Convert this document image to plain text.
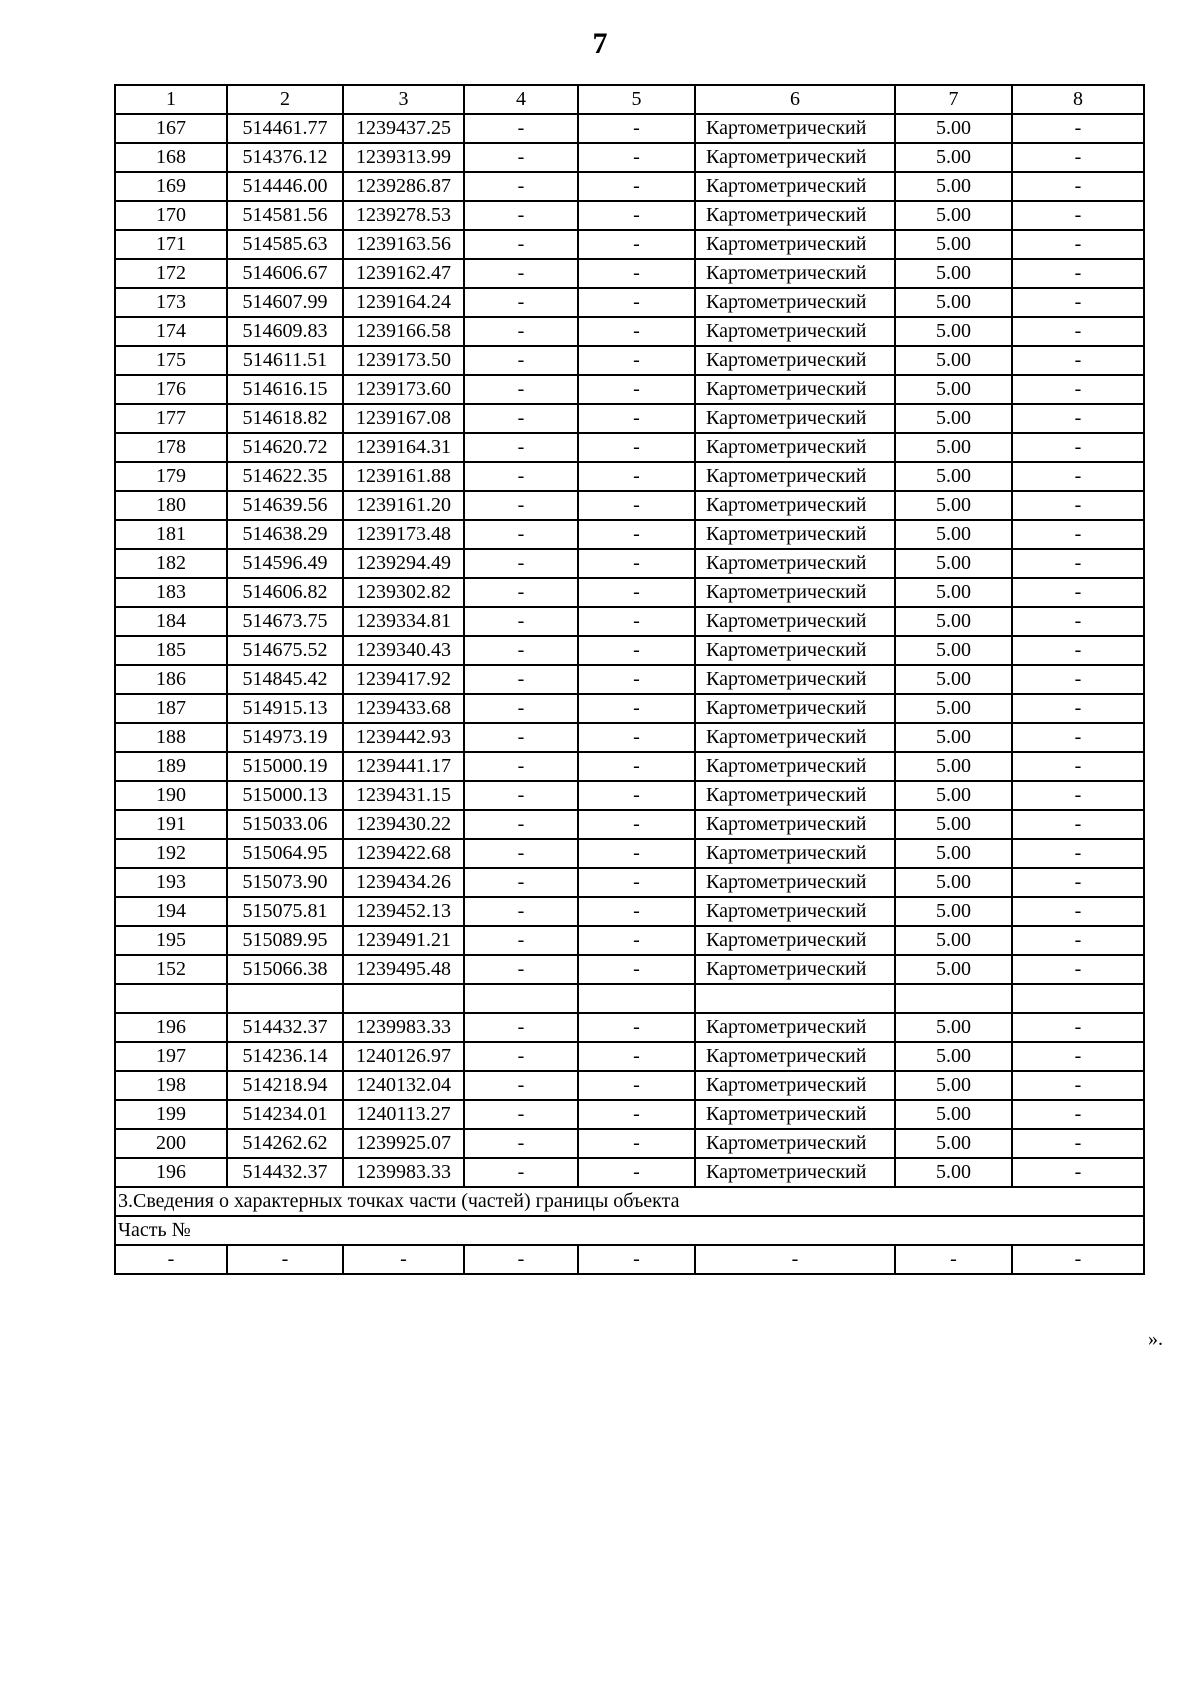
7
1	2	3	4	5	6	7	8
167	514461.77	1239437.25	-	-	Картометрический	5.00	-
168	514376.12	1239313.99	-	-	Картометрический	5.00	-
169	514446.00	1239286.87	-	-	Картометрический	5.00	-
170	514581.56	1239278.53	-	-	Картометрический	5.00	-
171	514585.63	1239163.56	-	-	Картометрический	5.00	-
172	514606.67	1239162.47	-	-	Картометрический	5.00	-
173	514607.99	1239164.24	-	-	Картометрический	5.00	-
174	514609.83	1239166.58	-	-	Картометрический	5.00	-
175	514611.51	1239173.50	-	-	Картометрический	5.00	-
176	514616.15	1239173.60	-	-	Картометрический	5.00	-
177	514618.82	1239167.08	-	-	Картометрический	5.00	-
178	514620.72	1239164.31	-	-	Картометрический	5.00	-
179	514622.35	1239161.88	-	-	Картометрический	5.00	-
180	514639.56	1239161.20	-	-	Картометрический	5.00	-
181	514638.29	1239173.48	-	-	Картометрический	5.00	-
182	514596.49	1239294.49	-	-	Картометрический	5.00	-
183	514606.82	1239302.82	-	-	Картометрический	5.00	-
184	514673.75	1239334.81	-	-	Картометрический	5.00	-
185	514675.52	1239340.43	-	-	Картометрический	5.00	-
186	514845.42	1239417.92	-	-	Картометрический	5.00	-
187	514915.13	1239433.68	-	-	Картометрический	5.00	-
188	514973.19	1239442.93	-	-	Картометрический	5.00	-
189	515000.19	1239441.17	-	-	Картометрический	5.00	-
190	515000.13	1239431.15	-	-	Картометрический	5.00	-
191	515033.06	1239430.22	-	-	Картометрический	5.00	-
192	515064.95	1239422.68	-	-	Картометрический	5.00	-
193	515073.90	1239434.26	-	-	Картометрический	5.00	-
194	515075.81	1239452.13	-	-	Картометрический	5.00	-
195	515089.95	1239491.21	-	-	Картометрический	5.00	-
152	515066.38	1239495.48	-	-	Картометрический	5.00	-

196	514432.37	1239983.33	-	-	Картометрический	5.00	-
197	514236.14	1240126.97	-	-	Картометрический	5.00	-
198	514218.94	1240132.04	-	-	Картометрический	5.00	-
199	514234.01	1240113.27	-	-	Картометрический	5.00	-
200	514262.62	1239925.07	-	-	Картометрический	5.00	-
196	514432.37	1239983.33	-	-	Картометрический	5.00	-
3.Сведения о характерных точках части (частей) границы объекта							
Часть №							
-	-	-	-	-	-	-	-
».
